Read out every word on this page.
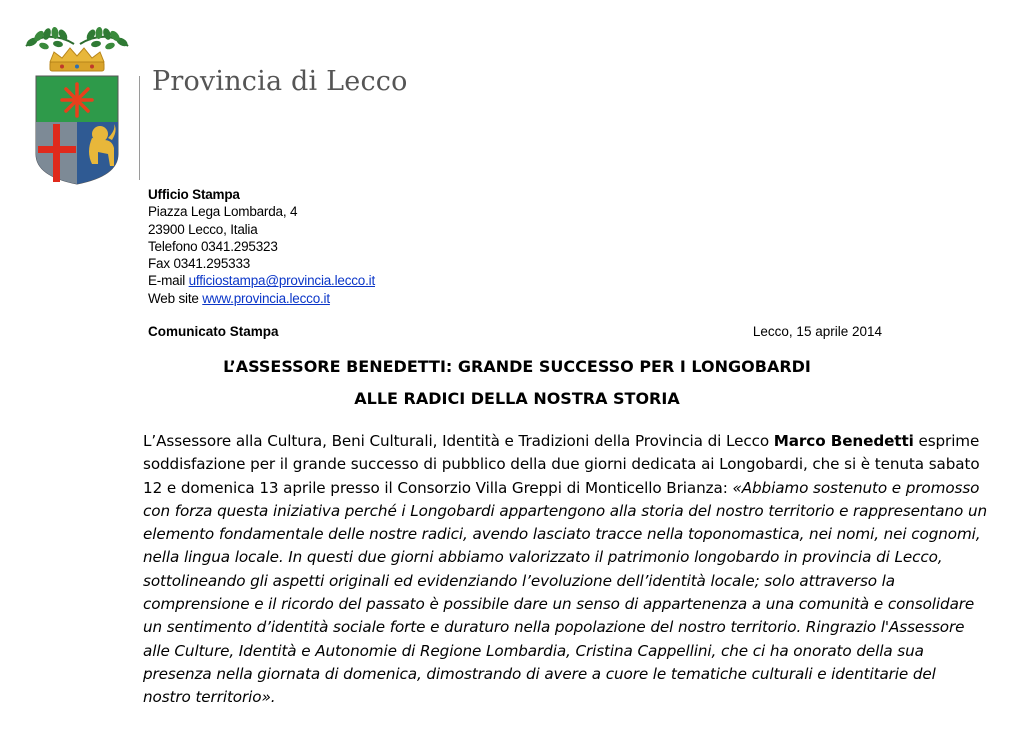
Provincia di Lecco
Ufficio Stampa
Piazza Lega Lombarda, 4
23900 Lecco, Italia
Telefono 0341.295323
Fax 0341.295333
E-mail ufficiostampa@provincia.lecco.it
Web site www.provincia.lecco.it
Comunicato Stampa	Lecco, 15 aprile 2014
L’ASSESSORE BENEDETTI: GRANDE SUCCESSO PER I LONGOBARDI
ALLE RADICI DELLA NOSTRA STORIA
L’Assessore alla Cultura, Beni Culturali, Identità e Tradizioni della Provincia di Lecco Marco Benedetti esprime soddisfazione per il grande successo di pubblico della due giorni dedicata ai Longobardi, che si è tenuta sabato 12 e domenica 13 aprile presso il Consorzio Villa Greppi di Monticello Brianza: «Abbiamo sostenuto e promosso con forza questa iniziativa perché i Longobardi appartengono alla storia del nostro territorio e rappresentano un elemento fondamentale delle nostre radici, avendo lasciato tracce nella toponomastica, nei nomi, nei cognomi, nella lingua locale. In questi due giorni abbiamo valorizzato il patrimonio longobardo in provincia di Lecco, sottolineando gli aspetti originali ed evidenziando l’evoluzione dell’identità locale; solo attraverso la comprensione e il ricordo del passato è possibile dare un senso di appartenenza a una comunità e consolidare un sentimento d’identità sociale forte e duraturo nella popolazione del nostro territorio. Ringrazio l'Assessore alle Culture, Identità e Autonomie di Regione Lombardia, Cristina Cappellini, che ci ha onorato della sua presenza nella giornata di domenica, dimostrando di avere a cuore le tematiche culturali e identitarie del nostro territorio».
